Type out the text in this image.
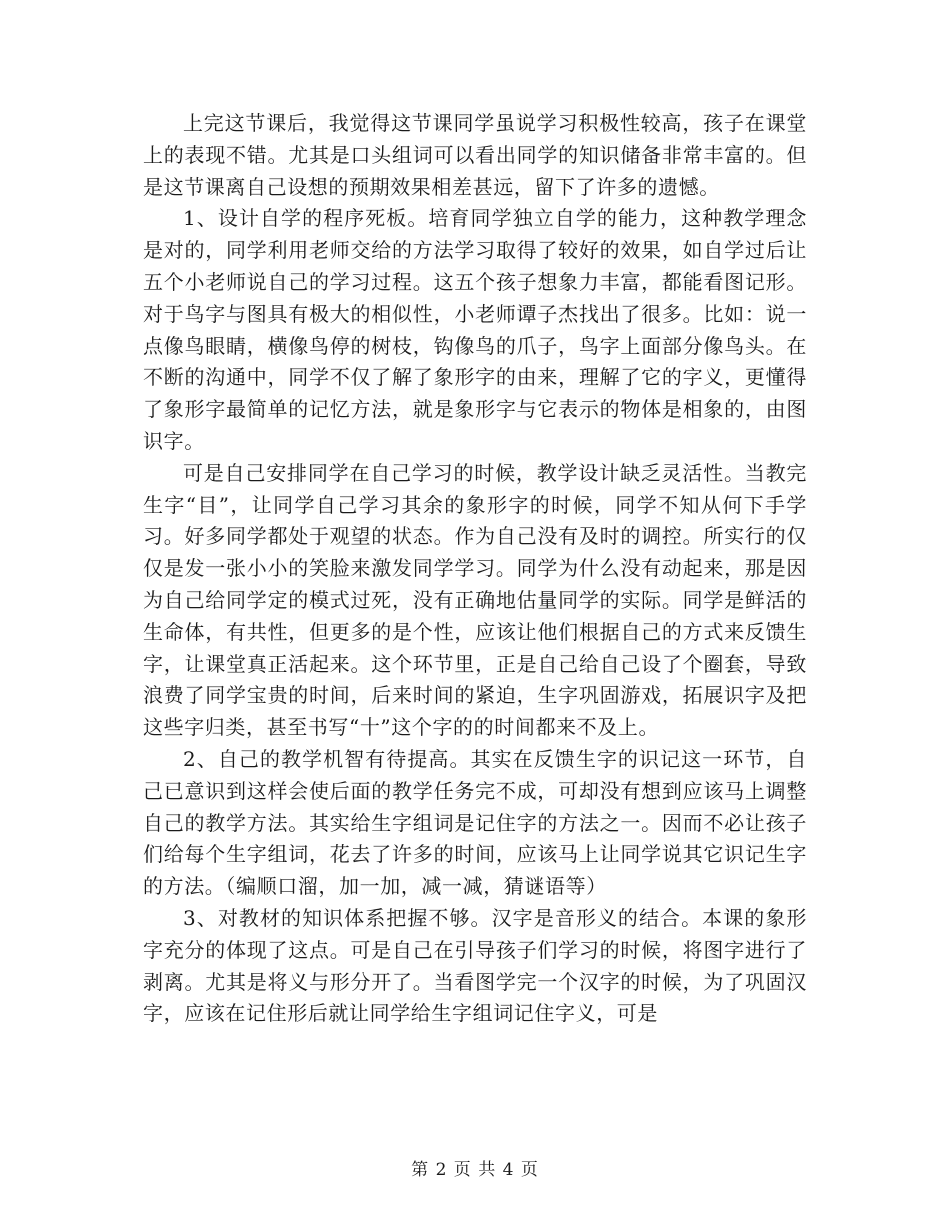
上完这节课后，我觉得这节课同学虽说学习积极性较高，孩子在课堂上的表现不错。尤其是口头组词可以看出同学的知识储备非常丰富的。但是这节课离自己设想的预期效果相差甚远，留下了许多的遗憾。

1、设计自学的程序死板。培育同学独立自学的能力，这种教学理念是对的，同学利用老师交给的方法学习取得了较好的效果，如自学过后让五个小老师说自己的学习过程。这五个孩子想象力丰富，都能看图记形。对于鸟字与图具有极大的相似性，小老师谭子杰找出了很多。比如：说一点像鸟眼睛，横像鸟停的树枝，钩像鸟的爪子，鸟字上面部分像鸟头。在不断的沟通中，同学不仅了解了象形字的由来，理解了它的字义，更懂得了象形字最简单的记忆方法，就是象形字与它表示的物体是相象的，由图识字。

可是自己安排同学在自己学习的时候，教学设计缺乏灵活性。当教完生字“目”，让同学自己学习其余的象形字的时候，同学不知从何下手学习。好多同学都处于观望的状态。作为自己没有及时的调控。所实行的仅仅是发一张小小的笑脸来激发同学学习。同学为什么没有动起来，那是因为自己给同学定的模式过死，没有正确地估量同学的实际。同学是鲜活的生命体，有共性，但更多的是个性，应该让他们根据自己的方式来反馈生字，让课堂真正活起来。这个环节里，正是自己给自己设了个圈套，导致浪费了同学宝贵的时间，后来时间的紧迫，生字巩固游戏，拓展识字及把这些字归类，甚至书写“十”这个字的的时间都来不及上。

2、自己的教学机智有待提高。其实在反馈生字的识记这一环节，自己已意识到这样会使后面的教学任务完不成，可却没有想到应该马上调整自己的教学方法。其实给生字组词是记住字的方法之一。因而不必让孩子们给每个生字组词，花去了许多的时间，应该马上让同学说其它识记生字的方法。（编顺口溜，加一加，减一减，猜谜语等）

3、对教材的知识体系把握不够。汉字是音形义的结合。本课的象形字充分的体现了这点。可是自己在引导孩子们学习的时候，将图字进行了剥离。尤其是将义与形分开了。当看图学完一个汉字的时候，为了巩固汉字，应该在记住形后就让同学给生字组词记住字义，可是

第 2 页 共 4 页
